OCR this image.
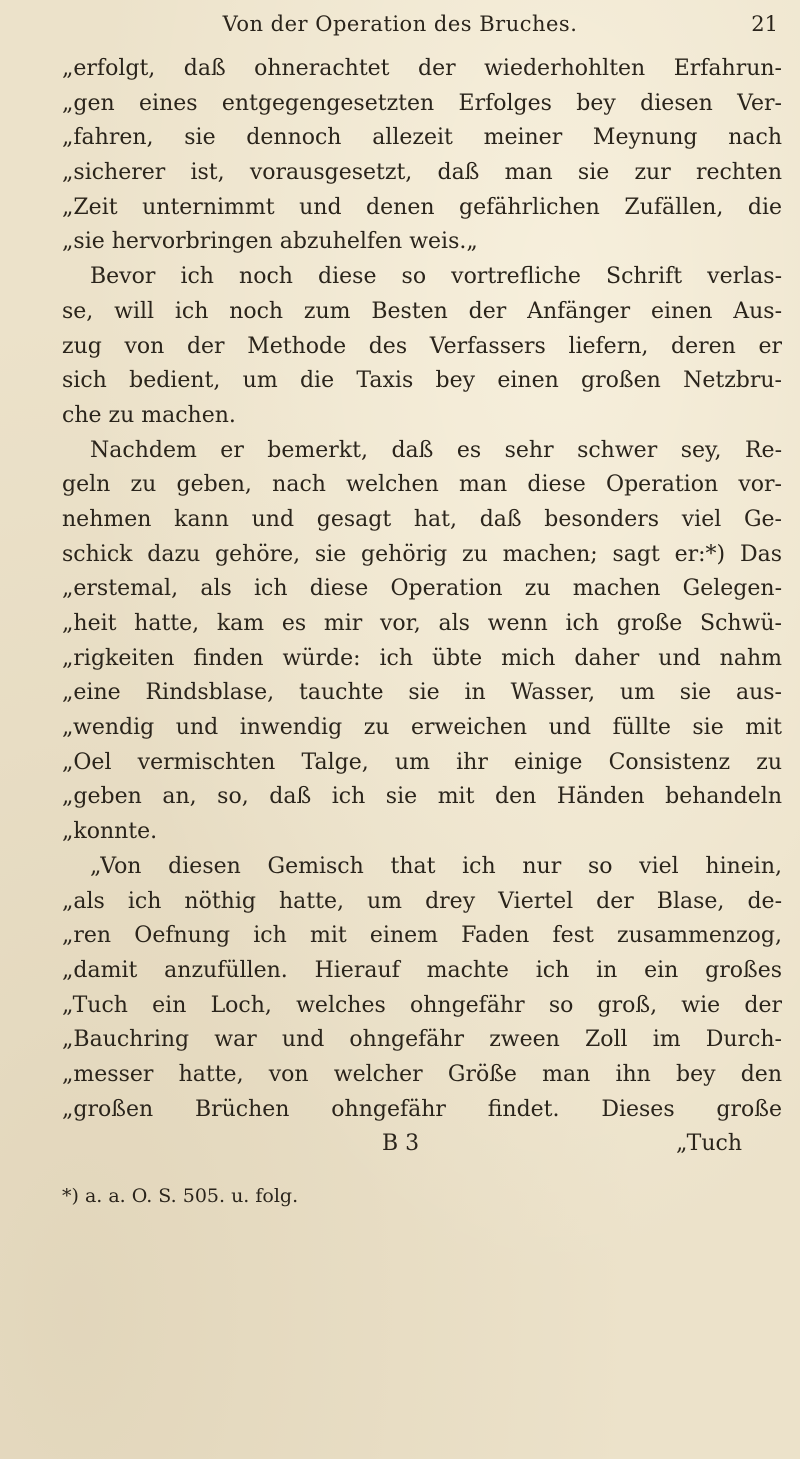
Von der Operation des Bruches.	21
„erfolgt, daß ohnerachtet der wiederhohlten Erfahrun-
„gen eines entgegengesetzten Erfolges bey diesen Ver-
„fahren, sie dennoch allezeit meiner Meynung nach
„sicherer ist, vorausgesetzt, daß man sie zur rechten
„Zeit unternimmt und denen gefährlichen Zufällen, die
„sie hervorbringen abzuhelfen weis.„
Bevor ich noch diese so vortrefliche Schrift verlas-
se, will ich noch zum Besten der Anfänger einen Aus-
zug von der Methode des Verfassers liefern, deren er
sich bedient, um die Taxis bey einen großen Netzbru-
che zu machen.
Nachdem er bemerkt, daß es sehr schwer sey, Re-
geln zu geben, nach welchen man diese Operation vor-
nehmen kann und gesagt hat, daß besonders viel Ge-
schick dazu gehöre, sie gehörig zu machen; sagt er:*) Das
„erstemal, als ich diese Operation zu machen Gelegen-
„heit hatte, kam es mir vor, als wenn ich große Schwü-
„rigkeiten finden würde: ich übte mich daher und nahm
„eine Rindsblase, tauchte sie in Wasser, um sie aus-
„wendig und inwendig zu erweichen und füllte sie mit
„Oel vermischten Talge, um ihr einige Consistenz zu
„geben an, so, daß ich sie mit den Händen behandeln
„konnte.
„Von diesen Gemisch that ich nur so viel hinein,
„als ich nöthig hatte, um drey Viertel der Blase, de-
„ren Oefnung ich mit einem Faden fest zusammenzog,
„damit anzufüllen. Hierauf machte ich in ein großes
„Tuch ein Loch, welches ohngefähr so groß, wie der
„Bauchring war und ohngefähr zween Zoll im Durch-
„messer hatte, von welcher Größe man ihn bey den
„großen Brüchen ohngefähr findet. Dieses große
B 3	„Tuch
*) a. a. O. S. 505. u. folg.
